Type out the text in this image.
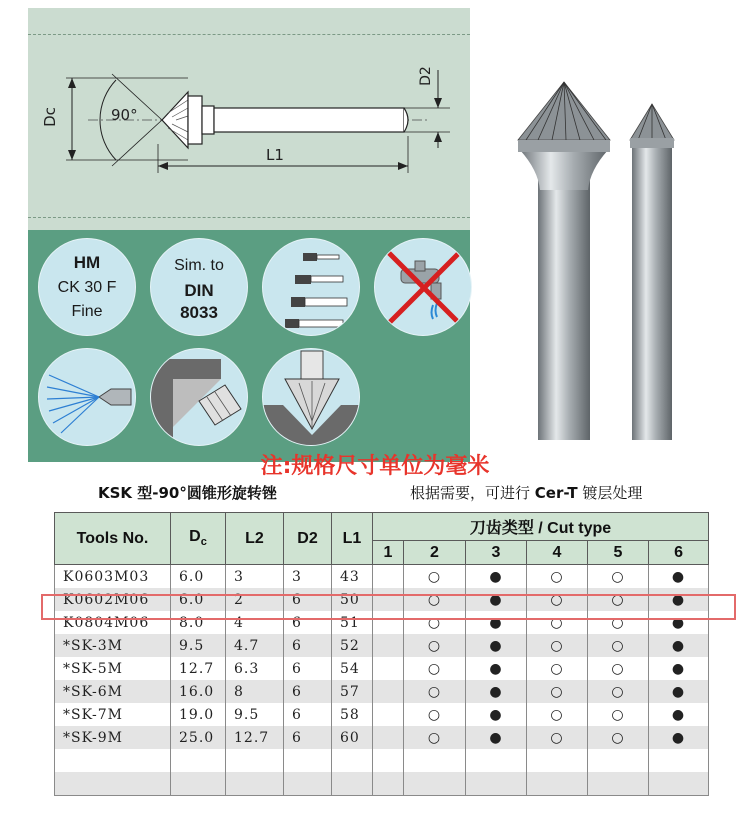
90°
Dc
D2
L1
HM
CK 30 F
Fine
Sim. to
DIN
8033
注:规格尺寸单位为毫米
KSK 型-90°圆锥形旋转锉	根据需要，可进行 Cer-T 镀层处理
Tools No.	$D_c$	L2	D2	L1	刀齿类型 / Cut type					
					1	2	3	4	5	6
K0603M03	6.0	3	3	43		○	●	○	○	●
K0602M06	6.0	2	6	50		○	●	○	○	●
K0804M06	8.0	4	6	51		○	●	○	○	●
*SK-3M	9.5	4.7	6	52		○	●	○	○	●
*SK-5M	12.7	6.3	6	54		○	●	○	○	●
*SK-6M	16.0	8	6	57		○	●	○	○	●
*SK-7M	19.0	9.5	6	58		○	●	○	○	●
*SK-9M	25.0	12.7	6	60		○	●	○	○	●
